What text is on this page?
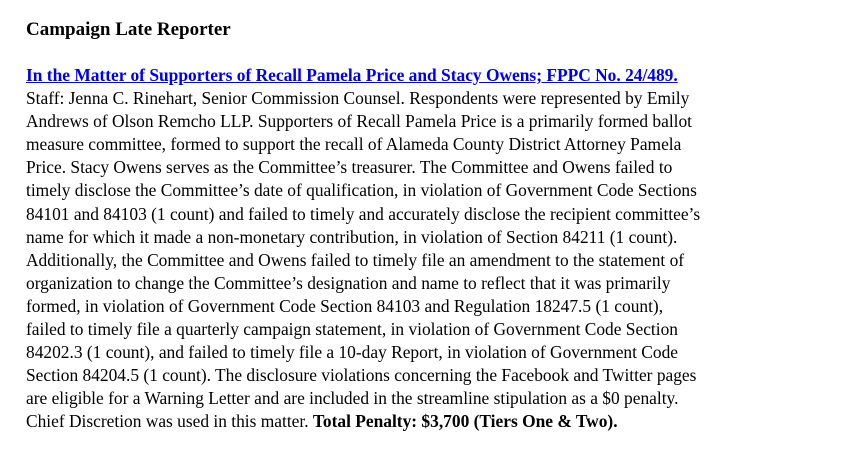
Campaign Late Reporter
In the Matter of Supporters of Recall Pamela Price and Stacy Owens; FPPC No. 24/489.
Staff: Jenna C. Rinehart, Senior Commission Counsel. Respondents were represented by Emily
Andrews of Olson Remcho LLP. Supporters of Recall Pamela Price is a primarily formed ballot
measure committee, formed to support the recall of Alameda County District Attorney Pamela
Price. Stacy Owens serves as the Committee’s treasurer. The Committee and Owens failed to
timely disclose the Committee’s date of qualification, in violation of Government Code Sections
84101 and 84103 (1 count) and failed to timely and accurately disclose the recipient committee’s
name for which it made a non-monetary contribution, in violation of Section 84211 (1 count).
Additionally, the Committee and Owens failed to timely file an amendment to the statement of
organization to change the Committee’s designation and name to reflect that it was primarily
formed, in violation of Government Code Section 84103 and Regulation 18247.5 (1 count),
failed to timely file a quarterly campaign statement, in violation of Government Code Section
84202.3 (1 count), and failed to timely file a 10-day Report, in violation of Government Code
Section 84204.5 (1 count). The disclosure violations concerning the Facebook and Twitter pages
are eligible for a Warning Letter and are included in the streamline stipulation as a $0 penalty.
Chief Discretion was used in this matter. Total Penalty: $3,700 (Tiers One & Two).
